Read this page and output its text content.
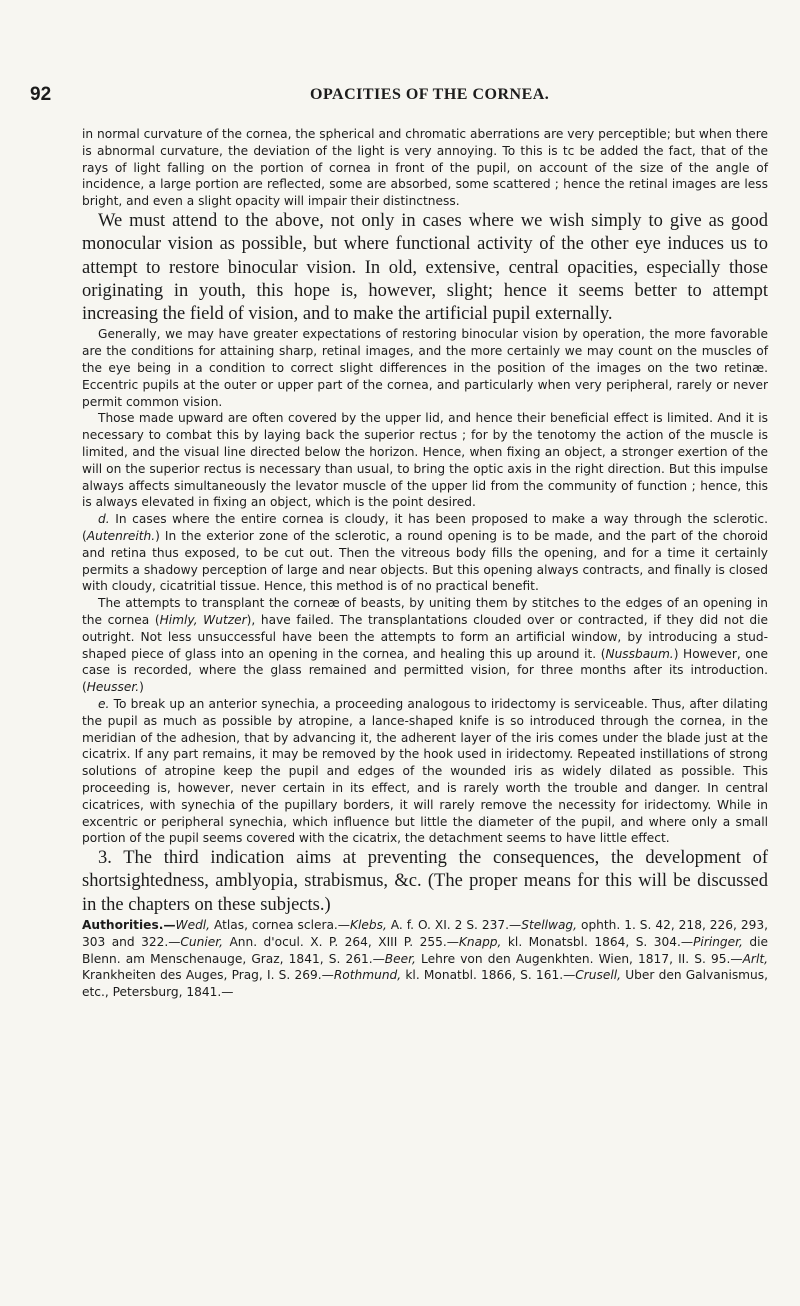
92	OPACITIES OF THE CORNEA.

in normal curvature of the cornea, the spherical and chromatic aberrations are very perceptible; but when there is abnormal curvature, the deviation of the light is very annoying. To this is tc be added the fact, that of the rays of light falling on the portion of cornea in front of the pupil, on account of the size of the angle of incidence, a large portion are reflected, some are absorbed, some scattered ; hence the retinal images are less bright, and even a slight opacity will impair their distinctness.

We must attend to the above, not only in cases where we wish simply to give as good monocular vision as possible, but where functional activity of the other eye induces us to attempt to restore binocular vision. In old, extensive, central opacities, especially those originating in youth, this hope is, however, slight; hence it seems better to attempt increasing the field of vision, and to make the artificial pupil externally.

Generally, we may have greater expectations of restoring binocular vision by operation, the more favorable are the conditions for attaining sharp, retinal images, and the more certainly we may count on the muscles of the eye being in a condition to correct slight differences in the position of the images on the two retinæ. Eccentric pupils at the outer or upper part of the cornea, and particularly when very peripheral, rarely or never permit common vision.

Those made upward are often covered by the upper lid, and hence their beneficial effect is limited. And it is necessary to combat this by laying back the superior rectus ; for by the tenotomy the action of the muscle is limited, and the visual line directed below the horizon. Hence, when fixing an object, a stronger exertion of the will on the superior rectus is necessary than usual, to bring the optic axis in the right direction. But this impulse always affects simultaneously the levator muscle of the upper lid from the community of function ; hence, this is always elevated in fixing an object, which is the point desired.

d. In cases where the entire cornea is cloudy, it has been proposed to make a way through the sclerotic. (Autenreith.) In the exterior zone of the sclerotic, a round opening is to be made, and the part of the choroid and retina thus exposed, to be cut out. Then the vitreous body fills the opening, and for a time it certainly permits a shadowy perception of large and near objects. But this opening always contracts, and finally is closed with cloudy, cicatritial tissue. Hence, this method is of no practical benefit.

The attempts to transplant the corneæ of beasts, by uniting them by stitches to the edges of an opening in the cornea (Himly, Wutzer), have failed. The transplantations clouded over or contracted, if they did not die outright. Not less unsuccessful have been the attempts to form an artificial window, by introducing a stud-shaped piece of glass into an opening in the cornea, and healing this up around it. (Nussbaum.) However, one case is recorded, where the glass remained and permitted vision, for three months after its introduction. (Heusser.)

e. To break up an anterior synechia, a proceeding analogous to iridectomy is serviceable. Thus, after dilating the pupil as much as possible by atropine, a lance-shaped knife is so introduced through the cornea, in the meridian of the adhesion, that by advancing it, the adherent layer of the iris comes under the blade just at the cicatrix. If any part remains, it may be removed by the hook used in iridectomy. Repeated instillations of strong solutions of atropine keep the pupil and edges of the wounded iris as widely dilated as possible. This proceeding is, however, never certain in its effect, and is rarely worth the trouble and danger. In central cicatrices, with synechia of the pupillary borders, it will rarely remove the necessity for iridectomy. While in excentric or peripheral synechia, which influence but little the diameter of the pupil, and where only a small portion of the pupil seems covered with the cicatrix, the detachment seems to have little effect.

3. The third indication aims at preventing the consequences, the development of shortsightedness, amblyopia, strabismus, &c. (The proper means for this will be discussed in the chapters on these subjects.)

Authorities.—Wedl, Atlas, cornea sclera.—Klebs, A. f. O. XI. 2 S. 237.—Stellwag, ophth. 1. S. 42, 218, 226, 293, 303 and 322.—Cunier, Ann. d'ocul. X. P. 264, XIII P. 255.—Knapp, kl. Monatsbl. 1864, S. 304.—Piringer, die Blenn. am Menschenauge, Graz, 1841, S. 261.—Beer, Lehre von den Augenkhten. Wien, 1817, II. S. 95.—Arlt, Krankheiten des Auges, Prag, I. S. 269.—Rothmund, kl. Monatbl. 1866, S. 161.—Crusell, Uber den Galvanismus, etc., Petersburg, 1841.—
